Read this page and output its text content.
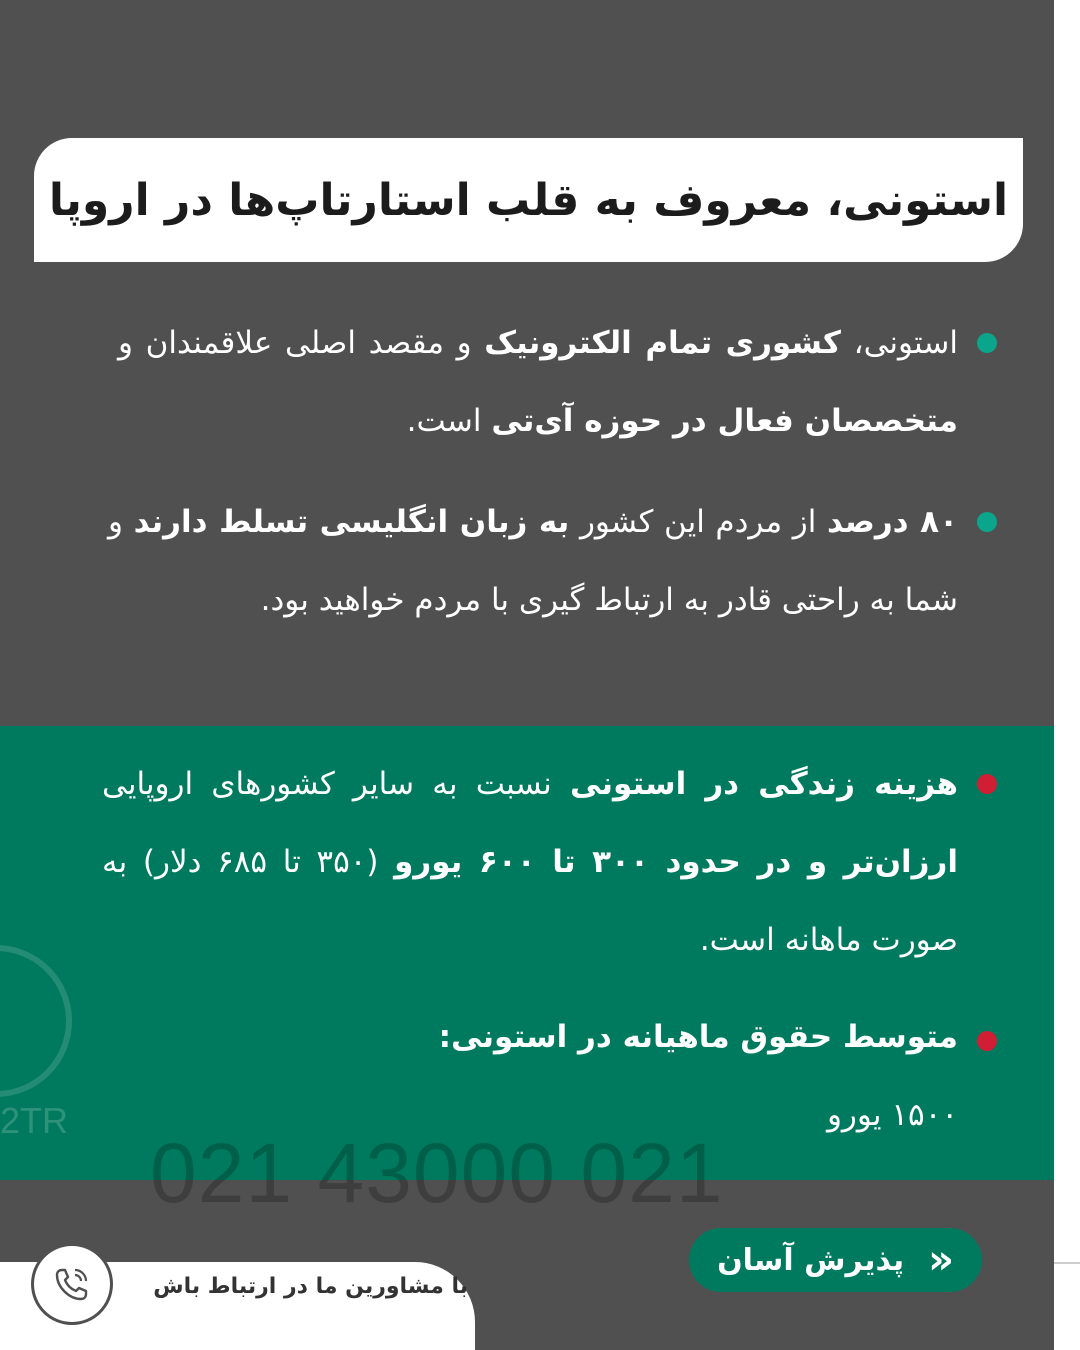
استونی، معروف به قلب استارتاپ‌ها در اروپا
استونی، کشوری تمام الکترونیک و مقصد اصلی علاقمندان و متخصصان فعال در حوزه آی‌تی است.
۸۰ درصد از مردم این کشور به زبان انگلیسی تسلط دارند و شما به راحتی قادر به ارتباط گیری با مردم خواهید بود.
هزینه زندگی در استونی نسبت به سایر کشورهای اروپایی ارزان‌تر و در حدود ۳۰۰ تا ۶۰۰ یورو (۳۵۰ تا ۶۸۵ دلار) به صورت ماهانه است.
متوسط حقوق ماهیانه در استونی:
۱۵۰۰ یورو
2TR
021 43000 021
«
پذیرش آسان
با مشاورین ما در ارتباط باش
